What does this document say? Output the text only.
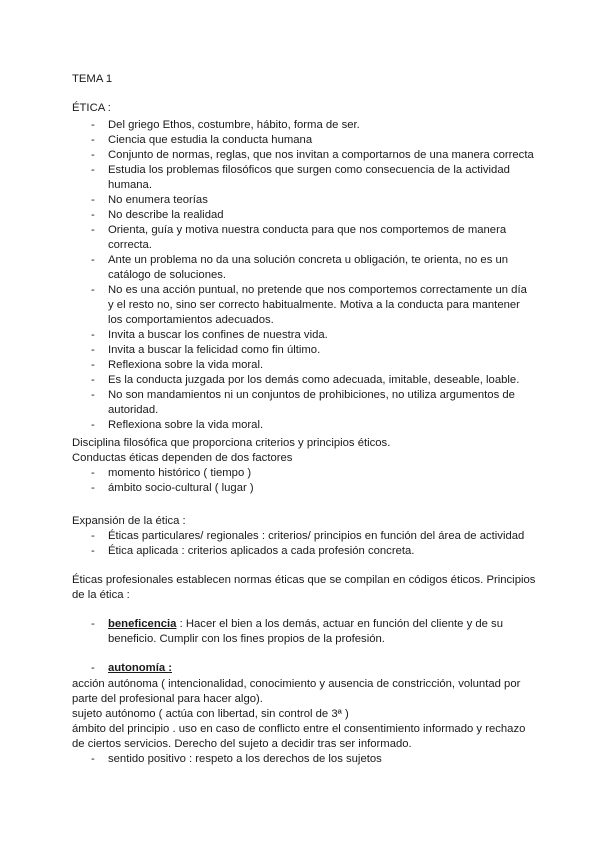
TEMA 1
ÉTICA :
- Del griego Ethos, costumbre, hábito, forma de ser.
- Ciencia que estudia la conducta humana
- Conjunto de normas, reglas, que nos invitan a comportarnos de una manera correcta
- Estudia los problemas filosóficos que surgen como consecuencia de la actividad
humana.
- No enumera teorías
- No describe la realidad
- Orienta, guía y motiva nuestra conducta para que nos comportemos de manera
correcta.
- Ante un problema no da una solución concreta u obligación, te orienta, no es un
catálogo de soluciones.
- No es una acción puntual, no pretende que nos comportemos correctamente un día
y el resto no, sino ser correcto habitualmente. Motiva a la conducta para mantener
los comportamientos adecuados.
- Invita a buscar los confines de nuestra vida.
- Invita a buscar la felicidad como fin último.
- Reflexiona sobre la vida moral.
- Es la conducta juzgada por los demás como adecuada, imitable, deseable, loable.
- No son mandamientos ni un conjuntos de prohibiciones, no utiliza argumentos de
autoridad.
- Reflexiona sobre la vida moral.
Disciplina filosófica que proporciona criterios y principios éticos.
Conductas éticas dependen de dos factores
- momento histórico ( tiempo )
- ámbito socio-cultural ( lugar )
Expansión de la ética :
- Éticas particulares/ regionales : criterios/ principios en función del área de actividad
- Ética aplicada : criterios aplicados a cada profesión concreta.
Éticas profesionales establecen normas éticas que se compilan en códigos éticos. Principios
de la ética :
- beneficencia : Hacer el bien a los demás, actuar en función del cliente y de su
beneficio. Cumplir con los fines propios de la profesión.
- autonomía :
acción autónoma ( intencionalidad, conocimiento y ausencia de constricción, voluntad por
parte del profesional para hacer algo).
sujeto autónomo ( actúa con libertad, sin control de 3ª )
ámbito del principio . uso en caso de conflicto entre el consentimiento informado y rechazo
de ciertos servicios. Derecho del sujeto a decidir tras ser informado.
- sentido positivo : respeto a los derechos de los sujetos
